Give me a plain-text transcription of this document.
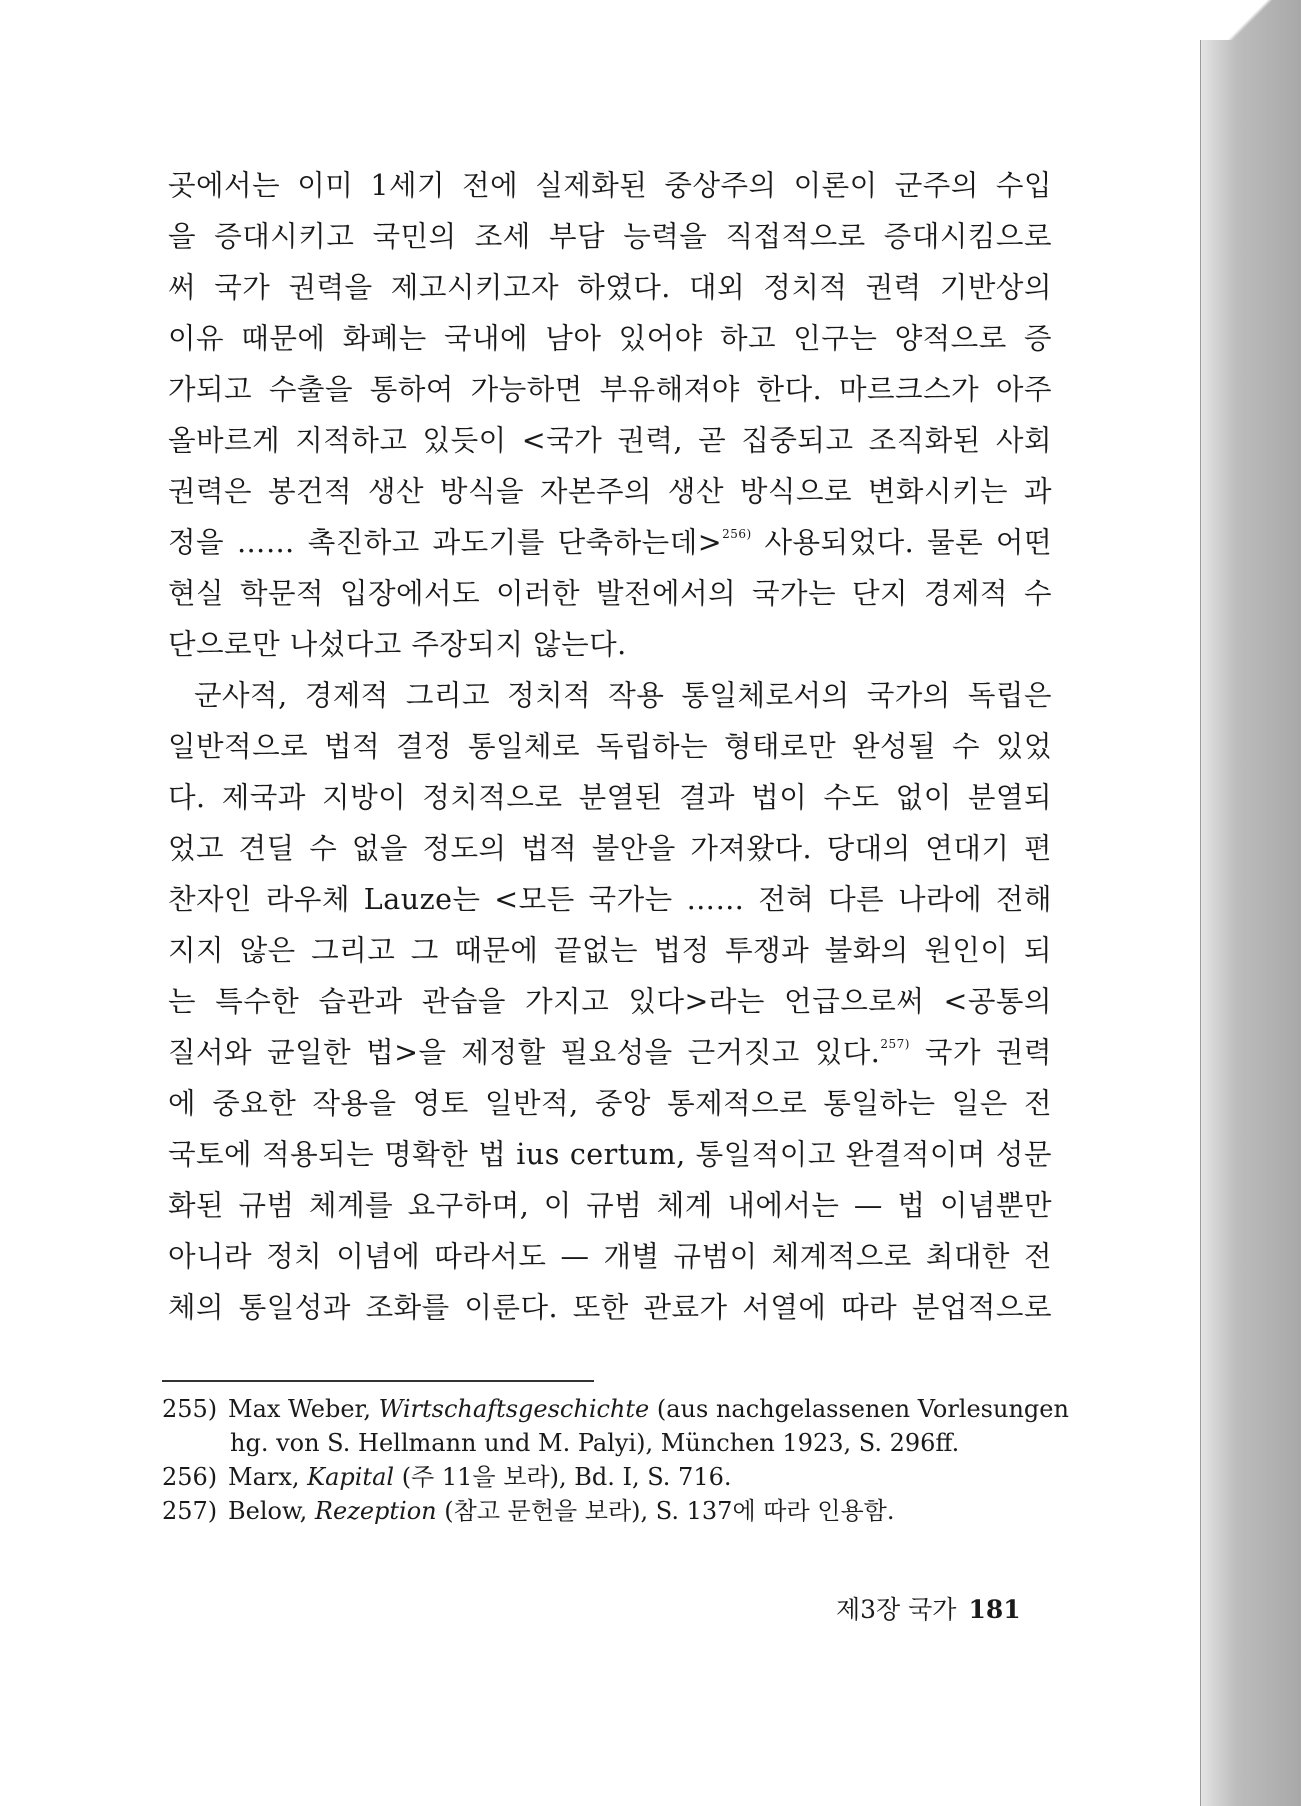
곳에서는 이미 1세기 전에 실제화된 중상주의 이론이 군주의 수입
을 증대시키고 국민의 조세 부담 능력을 직접적으로 증대시킴으로
써 국가 권력을 제고시키고자 하였다. 대외 정치적 권력 기반상의
이유 때문에 화폐는 국내에 남아 있어야 하고 인구는 양적으로 증
가되고 수출을 통하여 가능하면 부유해져야 한다. 마르크스가 아주
올바르게 지적하고 있듯이 <국가 권력, 곧 집중되고 조직화된 사회
권력은 봉건적 생산 방식을 자본주의 생산 방식으로 변화시키는 과
정을 …… 촉진하고 과도기를 단축하는데>$^{256)}$ 사용되었다. 물론 어떤
현실 학문적 입장에서도 이러한 발전에서의 국가는 단지 경제적 수
단으로만 나섰다고 주장되지 않는다.
군사적, 경제적 그리고 정치적 작용 통일체로서의 국가의 독립은
일반적으로 법적 결정 통일체로 독립하는 형태로만 완성될 수 있었
다. 제국과 지방이 정치적으로 분열된 결과 법이 수도 없이 분열되
었고 견딜 수 없을 정도의 법적 불안을 가져왔다. 당대의 연대기 편
찬자인 라우체 Lauze는 <모든 국가는 …… 전혀 다른 나라에 전해
지지 않은 그리고 그 때문에 끝없는 법정 투쟁과 불화의 원인이 되
는 특수한 습관과 관습을 가지고 있다>라는 언급으로써 <공통의
질서와 균일한 법>을 제정할 필요성을 근거짓고 있다.$^{257)}$ 국가 권력
에 중요한 작용을 영토 일반적, 중앙 통제적으로 통일하는 일은 전
국토에 적용되는 명확한 법 ius certum, 통일적이고 완결적이며 성문
화된 규범 체계를 요구하며, 이 규범 체계 내에서는 — 법 이념뿐만
아니라 정치 이념에 따라서도 — 개별 규범이 체계적으로 최대한 전
체의 통일성과 조화를 이룬다. 또한 관료가 서열에 따라 분업적으로
255) Max Weber, Wirtschaftsgeschichte (aus nachgelassenen Vorlesungen
hg. von S. Hellmann und M. Palyi), München 1923, S. 296ff.
256) Marx, Kapital (주 11을 보라), Bd. I, S. 716.
257) Below, Rezeption (참고 문헌을 보라), S. 137에 따라 인용함.
제3장 국가 181
